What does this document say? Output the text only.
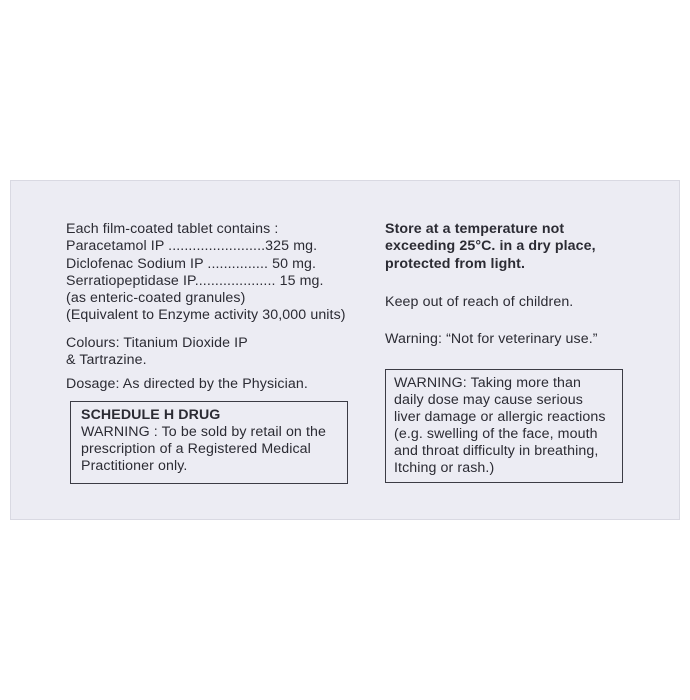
Each film-coated tablet contains :
Paracetamol IP ........................325 mg.
Diclofenac Sodium IP ............... 50 mg.
Serratiopeptidase IP.................... 15 mg.
(as enteric-coated granules)
(Equivalent to Enzyme activity 30,000 units)
Colours: Titanium Dioxide IP
& Tartrazine.
Dosage: As directed by the Physician.
SCHEDULE H DRUG
WARNING : To be sold by retail on the
prescription of a Registered Medical
Practitioner only.
Store at a temperature not
exceeding 25°C. in a dry place,
protected from light.
Keep out of reach of children.
Warning: “Not for veterinary use.”
WARNING: Taking more than
daily dose may cause serious
liver damage or allergic reactions
(e.g. swelling of the face, mouth
and throat difficulty in breathing,
Itching or rash.)
